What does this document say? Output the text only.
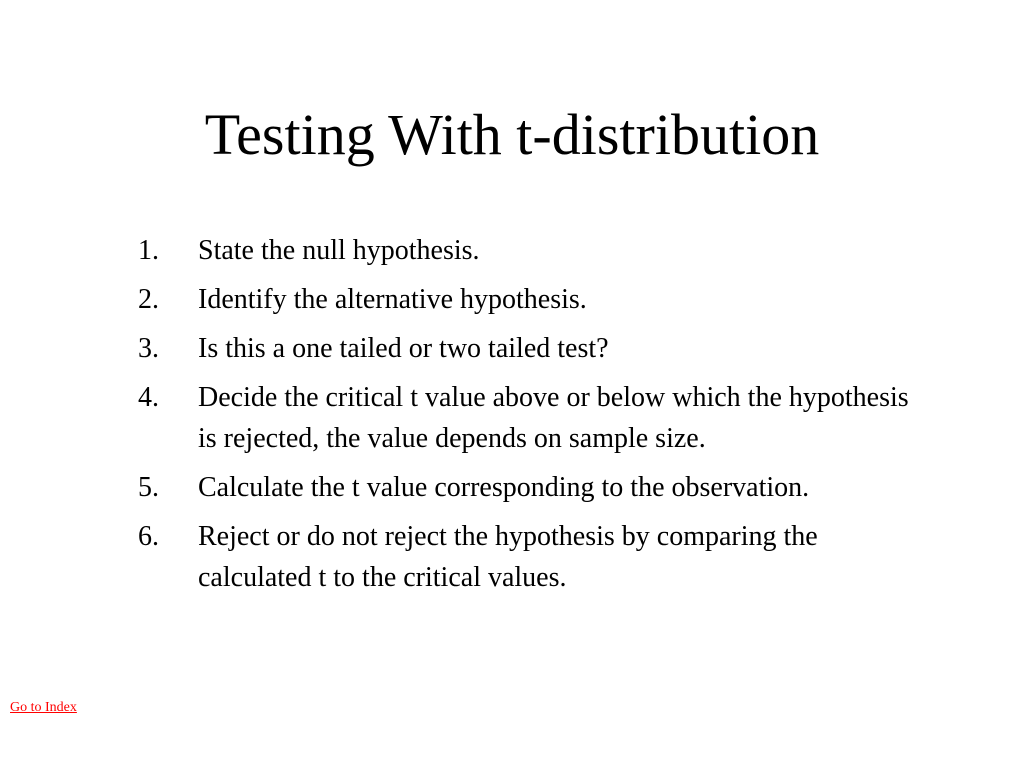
Testing With t-distribution
1.	State the null hypothesis.
2.	Identify the alternative hypothesis.
3.	Is this a one tailed or two tailed test?
4.	Decide the critical t value above or below which the hypothesis is rejected, the value depends on sample size.
5.	Calculate the t value corresponding to the observation.
6.	Reject or do not reject the hypothesis by comparing the calculated t to the critical values.
Go to Index
